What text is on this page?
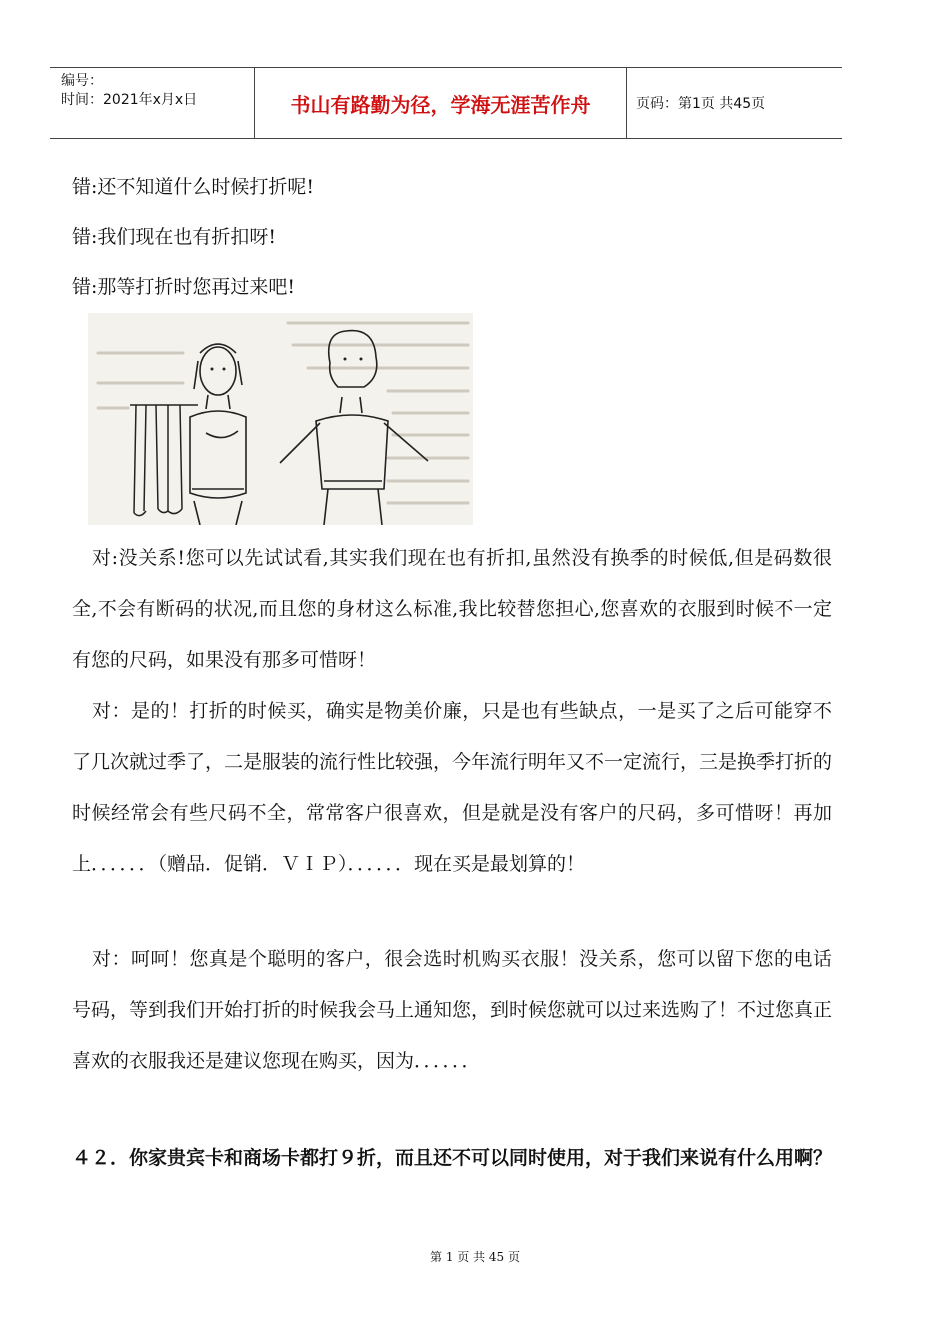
编号：
时间：2021年x月x日	书山有路勤为径，学海无涯苦作舟	页码：第1页 共45页
错:还不知道什么时候打折呢!
错:我们现在也有折扣呀!
错:那等打折时您再过来吧!
对:没关系!您可以先试试看,其实我们现在也有折扣,虽然没有换季的时候低,但是码数很全,不会有断码的状况,而且您的身材这么标准,我比较替您担心,您喜欢的衣服到时候不一定有您的尺码，如果没有那多可惜呀！
对：是的！打折的时候买，确实是物美价廉，只是也有些缺点，一是买了之后可能穿不了几次就过季了，二是服装的流行性比较强，今年流行明年又不一定流行，三是换季打折的时候经常会有些尺码不全，常常客户很喜欢，但是就是没有客户的尺码，多可惜呀！再加上．．．．．．（赠品．促销．ＶＩＰ）．．．．．．现在买是最划算的！
对：呵呵！您真是个聪明的客户，很会选时机购买衣服！没关系，您可以留下您的电话号码，等到我们开始打折的时候我会马上通知您，到时候您就可以过来选购了！不过您真正喜欢的衣服我还是建议您现在购买，因为．．．．．．
４２．你家贵宾卡和商场卡都打９折，而且还不可以同时使用，对于我们来说有什么用啊？
第 1 页 共 45 页
